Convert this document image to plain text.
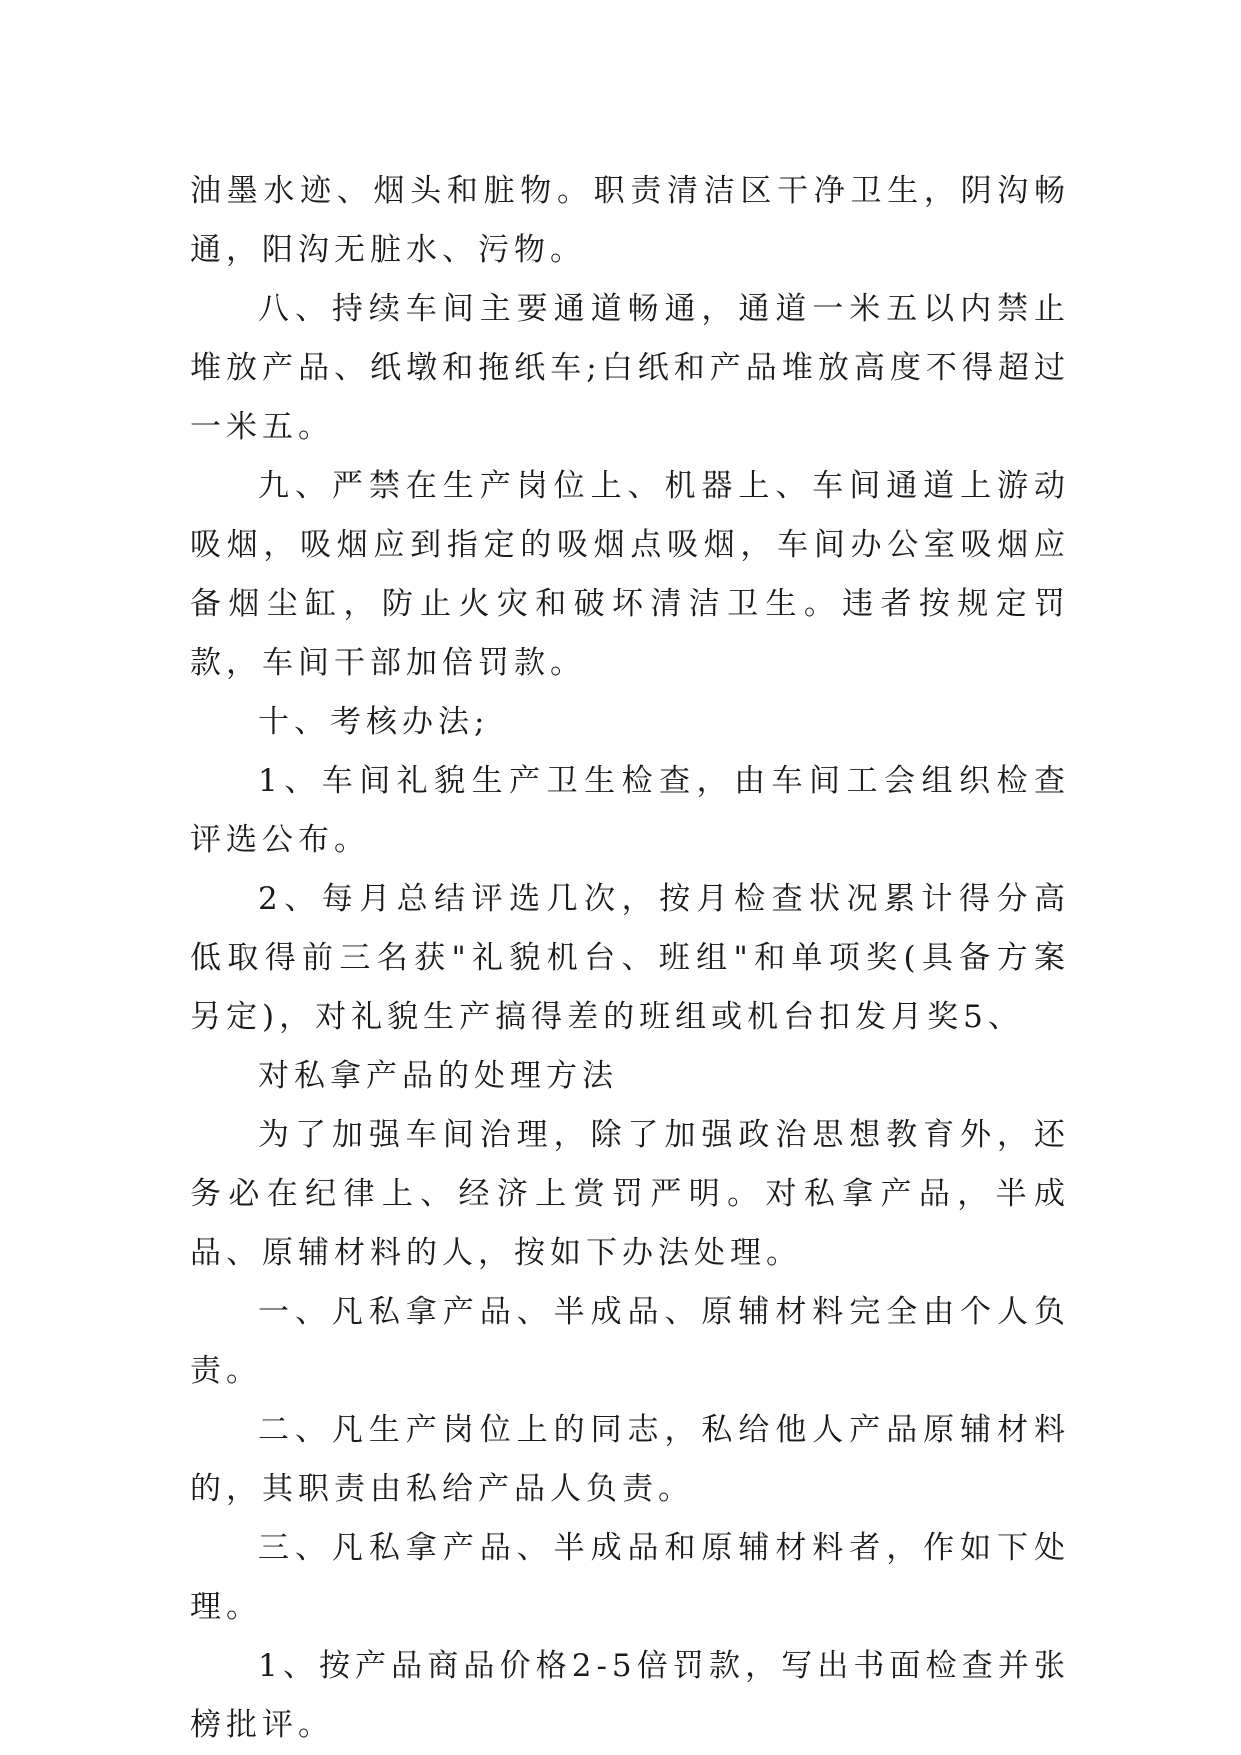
油墨水迹、烟头和脏物。职责清洁区干净卫生，阴沟畅通，阳沟无脏水、污物。

八、持续车间主要通道畅通，通道一米五以内禁止堆放产品、纸墩和拖纸车;白纸和产品堆放高度不得超过一米五。

九、严禁在生产岗位上、机器上、车间通道上游动吸烟，吸烟应到指定的吸烟点吸烟，车间办公室吸烟应备烟尘缸，防止火灾和破坏清洁卫生。违者按规定罚款，车间干部加倍罚款。

十、考核办法;

1、车间礼貌生产卫生检查，由车间工会组织检查评选公布。

2、每月总结评选几次，按月检查状况累计得分高低取得前三名获"礼貌机台、班组"和单项奖(具备方案另定)，对礼貌生产搞得差的班组或机台扣发月奖5、

对私拿产品的处理方法

为了加强车间治理，除了加强政治思想教育外，还务必在纪律上、经济上赏罚严明。对私拿产品，半成品、原辅材料的人，按如下办法处理。

一、凡私拿产品、半成品、原辅材料完全由个人负责。

二、凡生产岗位上的同志，私给他人产品原辅材料的，其职责由私给产品人负责。

三、凡私拿产品、半成品和原辅材料者，作如下处理。

1、按产品商品价格2-5倍罚款，写出书面检查并张榜批评。
